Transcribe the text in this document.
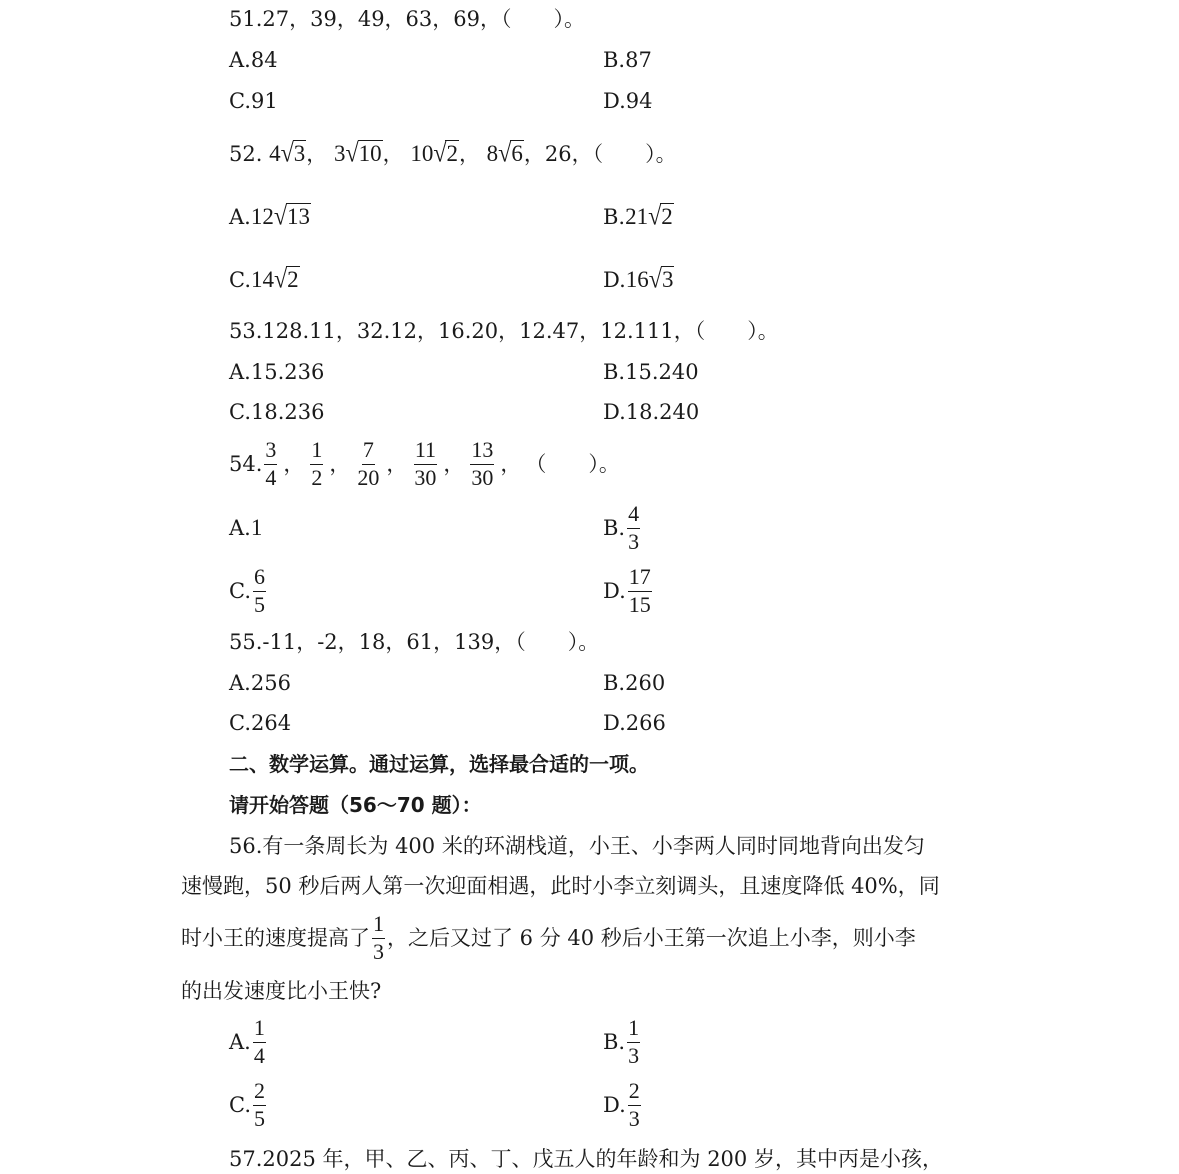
51.27，39，49，63，69，（　　）。
A.84	B.87
C.91	D.94
52. 4√3， 3√10， 10√2， 8√6，26，（　　）。
A.12√13	B.21√2
C.14√2	D.16√3
53.128.11，32.12，16.20，12.47，12.111，（　　）。
A.15.236	B.15.240
C.18.236	D.18.240
54. $\frac{3}{4}$ ， $\frac{1}{2}$ ， $\frac{7}{20}$ ， $\frac{11}{30}$ ， $\frac{13}{30}$ ， （　　）。
A.1	B. $\frac{4}{3}$
C. $\frac{6}{5}$	D. $\frac{17}{15}$
55.-11，-2，18，61，139，（　　）。
A.256	B.260
C.264	D.266
二、数学运算。通过运算，选择最合适的一项。
请开始答题（56～70 题）：
56.有一条周长为 400 米的环湖栈道，小王、小李两人同时同地背向出发匀
速慢跑，50 秒后两人第一次迎面相遇，此时小李立刻调头，且速度降低 40%，同
时小王的速度提高了 $\frac{1}{3}$ ，之后又过了 6 分 40 秒后小王第一次追上小李，则小李
的出发速度比小王快?
A. $\frac{1}{4}$	B. $\frac{1}{3}$
C. $\frac{2}{5}$	D. $\frac{2}{3}$
57.2025 年，甲、乙、丙、丁、戊五人的年龄和为 200 岁，其中丙是小孩，
